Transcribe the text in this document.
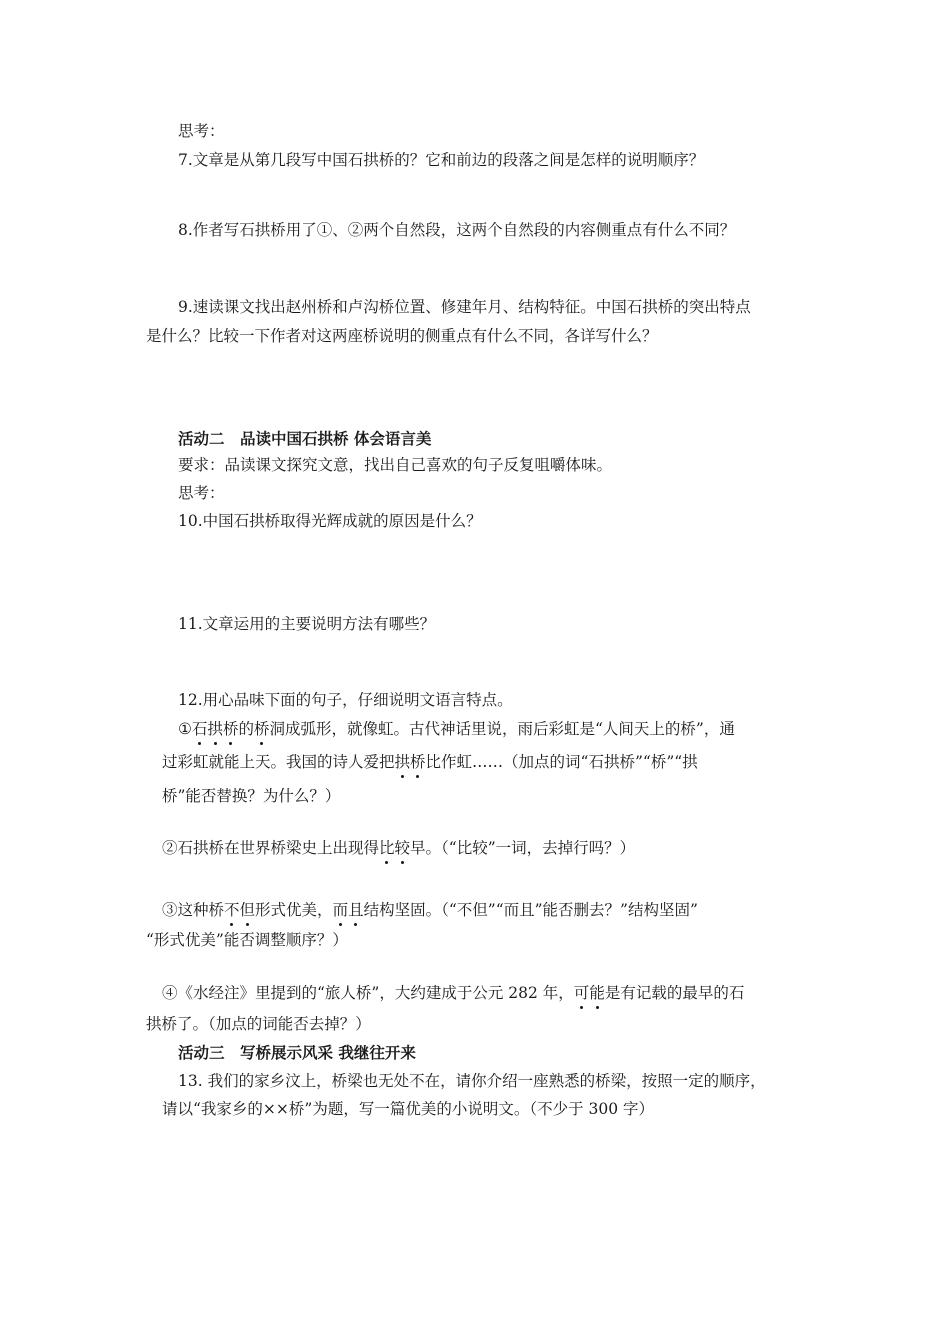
思考：
7.文章是从第几段写中国石拱桥的？它和前边的段落之间是怎样的说明顺序？
8.作者写石拱桥用了①、②两个自然段，这两个自然段的内容侧重点有什么不同？
9.速读课文找出赵州桥和卢沟桥位置、修建年月、结构特征。中国石拱桥的突出特点
是什么？比较一下作者对这两座桥说明的侧重点有什么不同，各详写什么？
活动二　品读中国石拱桥 体会语言美
要求：品读课文探究文意，找出自己喜欢的句子反复咀嚼体味。
思考：
10.中国石拱桥取得光辉成就的原因是什么？
11.文章运用的主要说明方法有哪些？
12.用心品味下面的句子，仔细说明文语言特点。
①石拱桥的桥洞成弧形，就像虹。古代神话里说，雨后彩虹是“人间天上的桥”，通
过彩虹就能上天。我国的诗人爱把拱桥比作虹……（加点的词“石拱桥”“桥”“拱
桥”能否替换？为什么？）
②石拱桥在世界桥梁史上出现得比较早。（“比较”一词，去掉行吗？）
③这种桥不但形式优美，而且结构坚固。（“不但”“而且”能否删去？”结构坚固”
“形式优美”能否调整顺序？）
④《水经注》里提到的“旅人桥”，大约建成于公元 282 年，可能是有记载的最早的石
拱桥了。（加点的词能否去掉？）
活动三　写桥展示风采 我继往开来
13. 我们的家乡汶上，桥梁也无处不在，请你介绍一座熟悉的桥梁，按照一定的顺序，
请以“我家乡的××桥”为题，写一篇优美的小说明文。（不少于 300 字）
